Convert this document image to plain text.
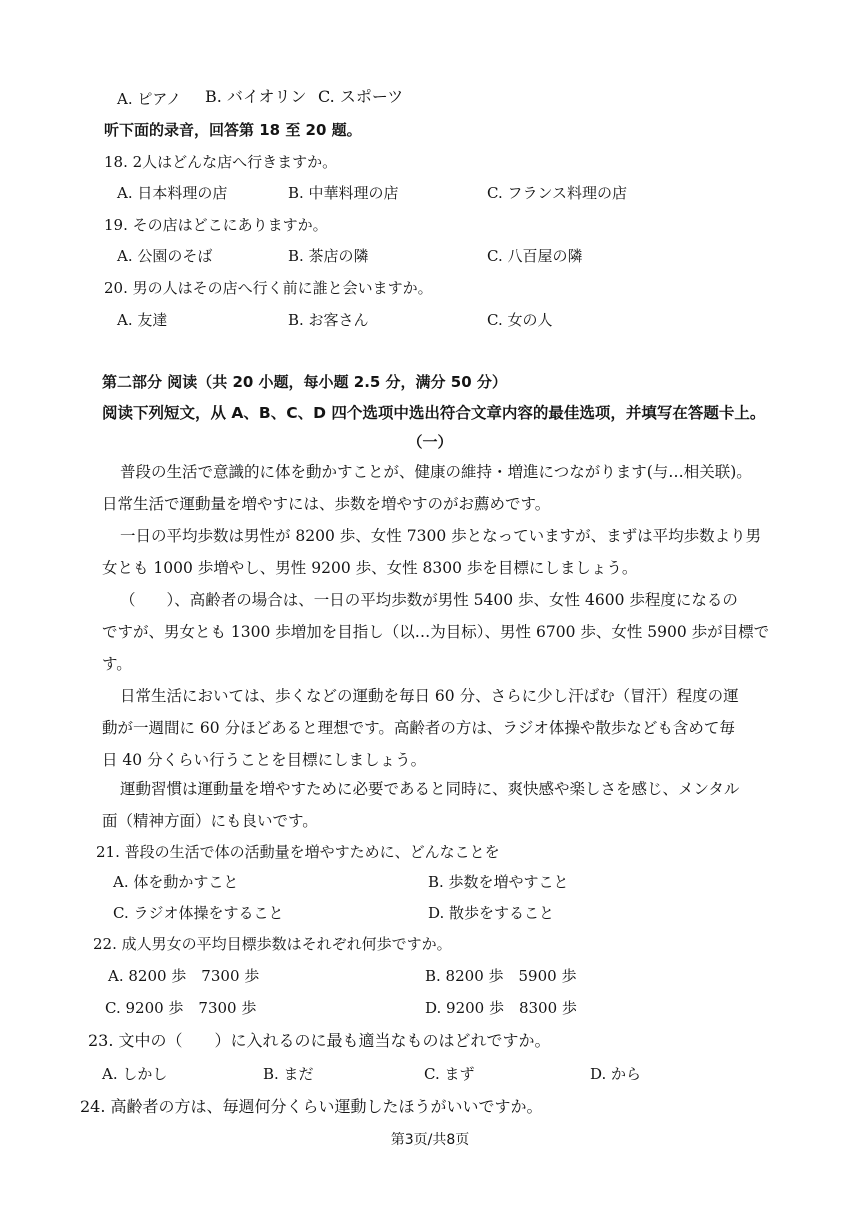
A. ピアノ B. バイオリン C. スポーツ
听下面的录音，回答第 18 至 20 题。
18. 2人はどんな店へ行きますか。
A. 日本料理の店	B. 中華料理の店	C. フランス料理の店
19. その店はどこにありますか。
A. 公園のそば	B. 茶店の隣	C. 八百屋の隣
20. 男の人はその店へ行く前に誰と会いますか。
A. 友達	B. お客さん	C. 女の人
第二部分 阅读（共 20 小题，每小题 2.5 分，满分 50 分）
阅读下列短文，从 A、B、C、D 四个选项中选出符合文章内容的最佳选项，并填写在答题卡上。
（一）
普段の生活で意識的に体を動かすことが、健康の維持・増進につながります(与…相关联)。
日常生活で運動量を増やすには、歩数を増やすのがお薦めです。
一日の平均歩数は男性が 8200 歩、女性 7300 歩となっていますが、まずは平均歩数より男
女とも 1000 歩増やし、男性 9200 歩、女性 8300 歩を目標にしましょう。
（　　）、高齢者の場合は、一日の平均歩数が男性 5400 歩、女性 4600 歩程度になるの
ですが、男女とも 1300 歩増加を目指し（以…为目标）、男性 6700 歩、女性 5900 歩が目標で
す。
日常生活においては、歩くなどの運動を毎日 60 分、さらに少し汗ばむ（冒汗）程度の運
動が一週間に 60 分ほどあると理想です。高齢者の方は、ラジオ体操や散歩なども含めて毎
日 40 分くらい行うことを目標にしましょう。
運動習慣は運動量を増やすために必要であると同時に、爽快感や楽しさを感じ、メンタル
面（精神方面）にも良いです。
21. 普段の生活で体の活動量を増やすために、どんなことを
A. 体を動かすこと	B. 歩数を増やすこと
C. ラジオ体操をすること	D. 散歩をすること
22. 成人男女の平均目標歩数はそれぞれ何歩ですか。
A. 8200 歩　7300 歩	B. 8200 歩　5900 歩
C. 9200 歩　7300 歩	D. 9200 歩　8300 歩
23. 文中の（　　）に入れるのに最も適当なものはどれですか。
A. しかし	B. まだ	C. まず	D. から
24. 高齢者の方は、毎週何分くらい運動したほうがいいですか。
第3页/共8页
